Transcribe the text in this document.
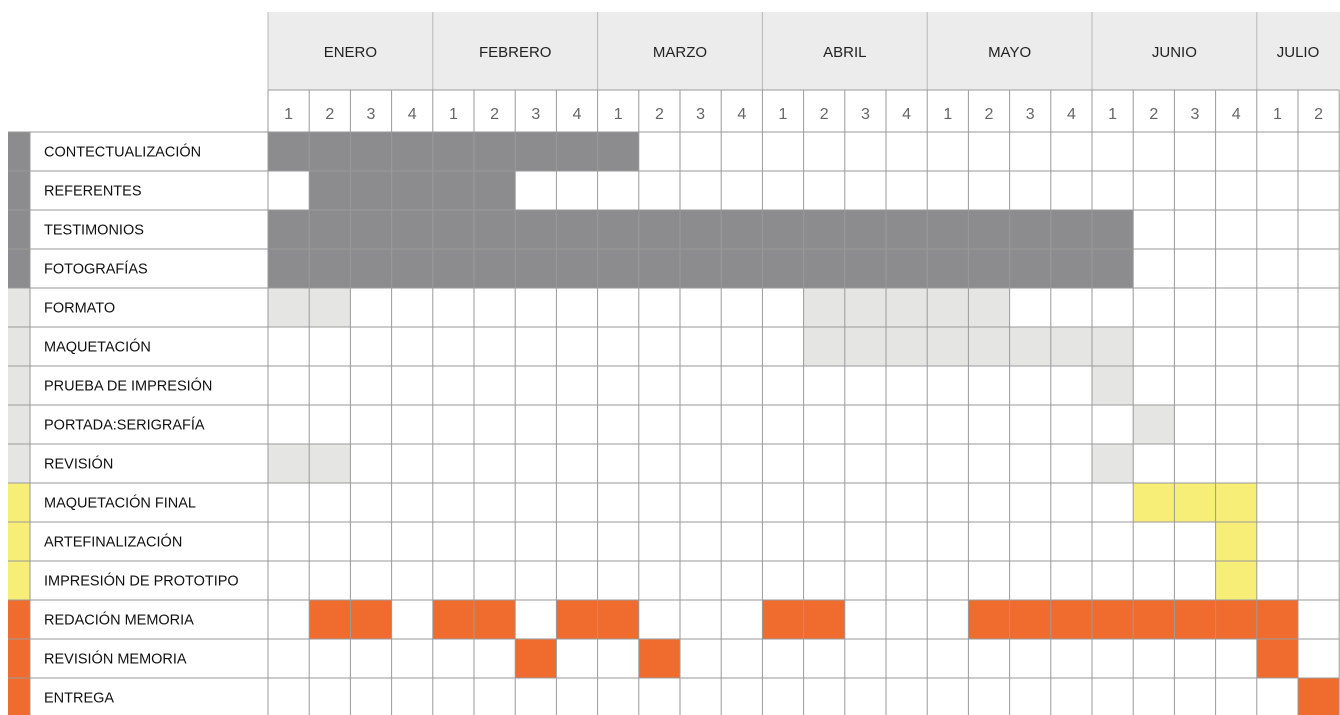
ENERO
1 2 3 4
FEBRERO
1 2 3 4
MARZO
1 2 3 4
ABRIL
1 2 3 4
MAYO
1 2 3 4
JUNIO
1 2 3 4
JULIO
1 2
CONTECTUALIZACIÓN
REFERENTES
TESTIMONIOS
FOTOGRAFÍAS
FORMATO
MAQUETACIÓN
PRUEBA DE IMPRESIÓN
PORTADA:SERIGRAFÍA
REVISIÓN
MAQUETACIÓN FINAL
ARTEFINALIZACIÓN
IMPRESIÓN DE PROTOTIPO
REDACIÓN MEMORIA
REVISIÓN MEMORIA
ENTREGA
